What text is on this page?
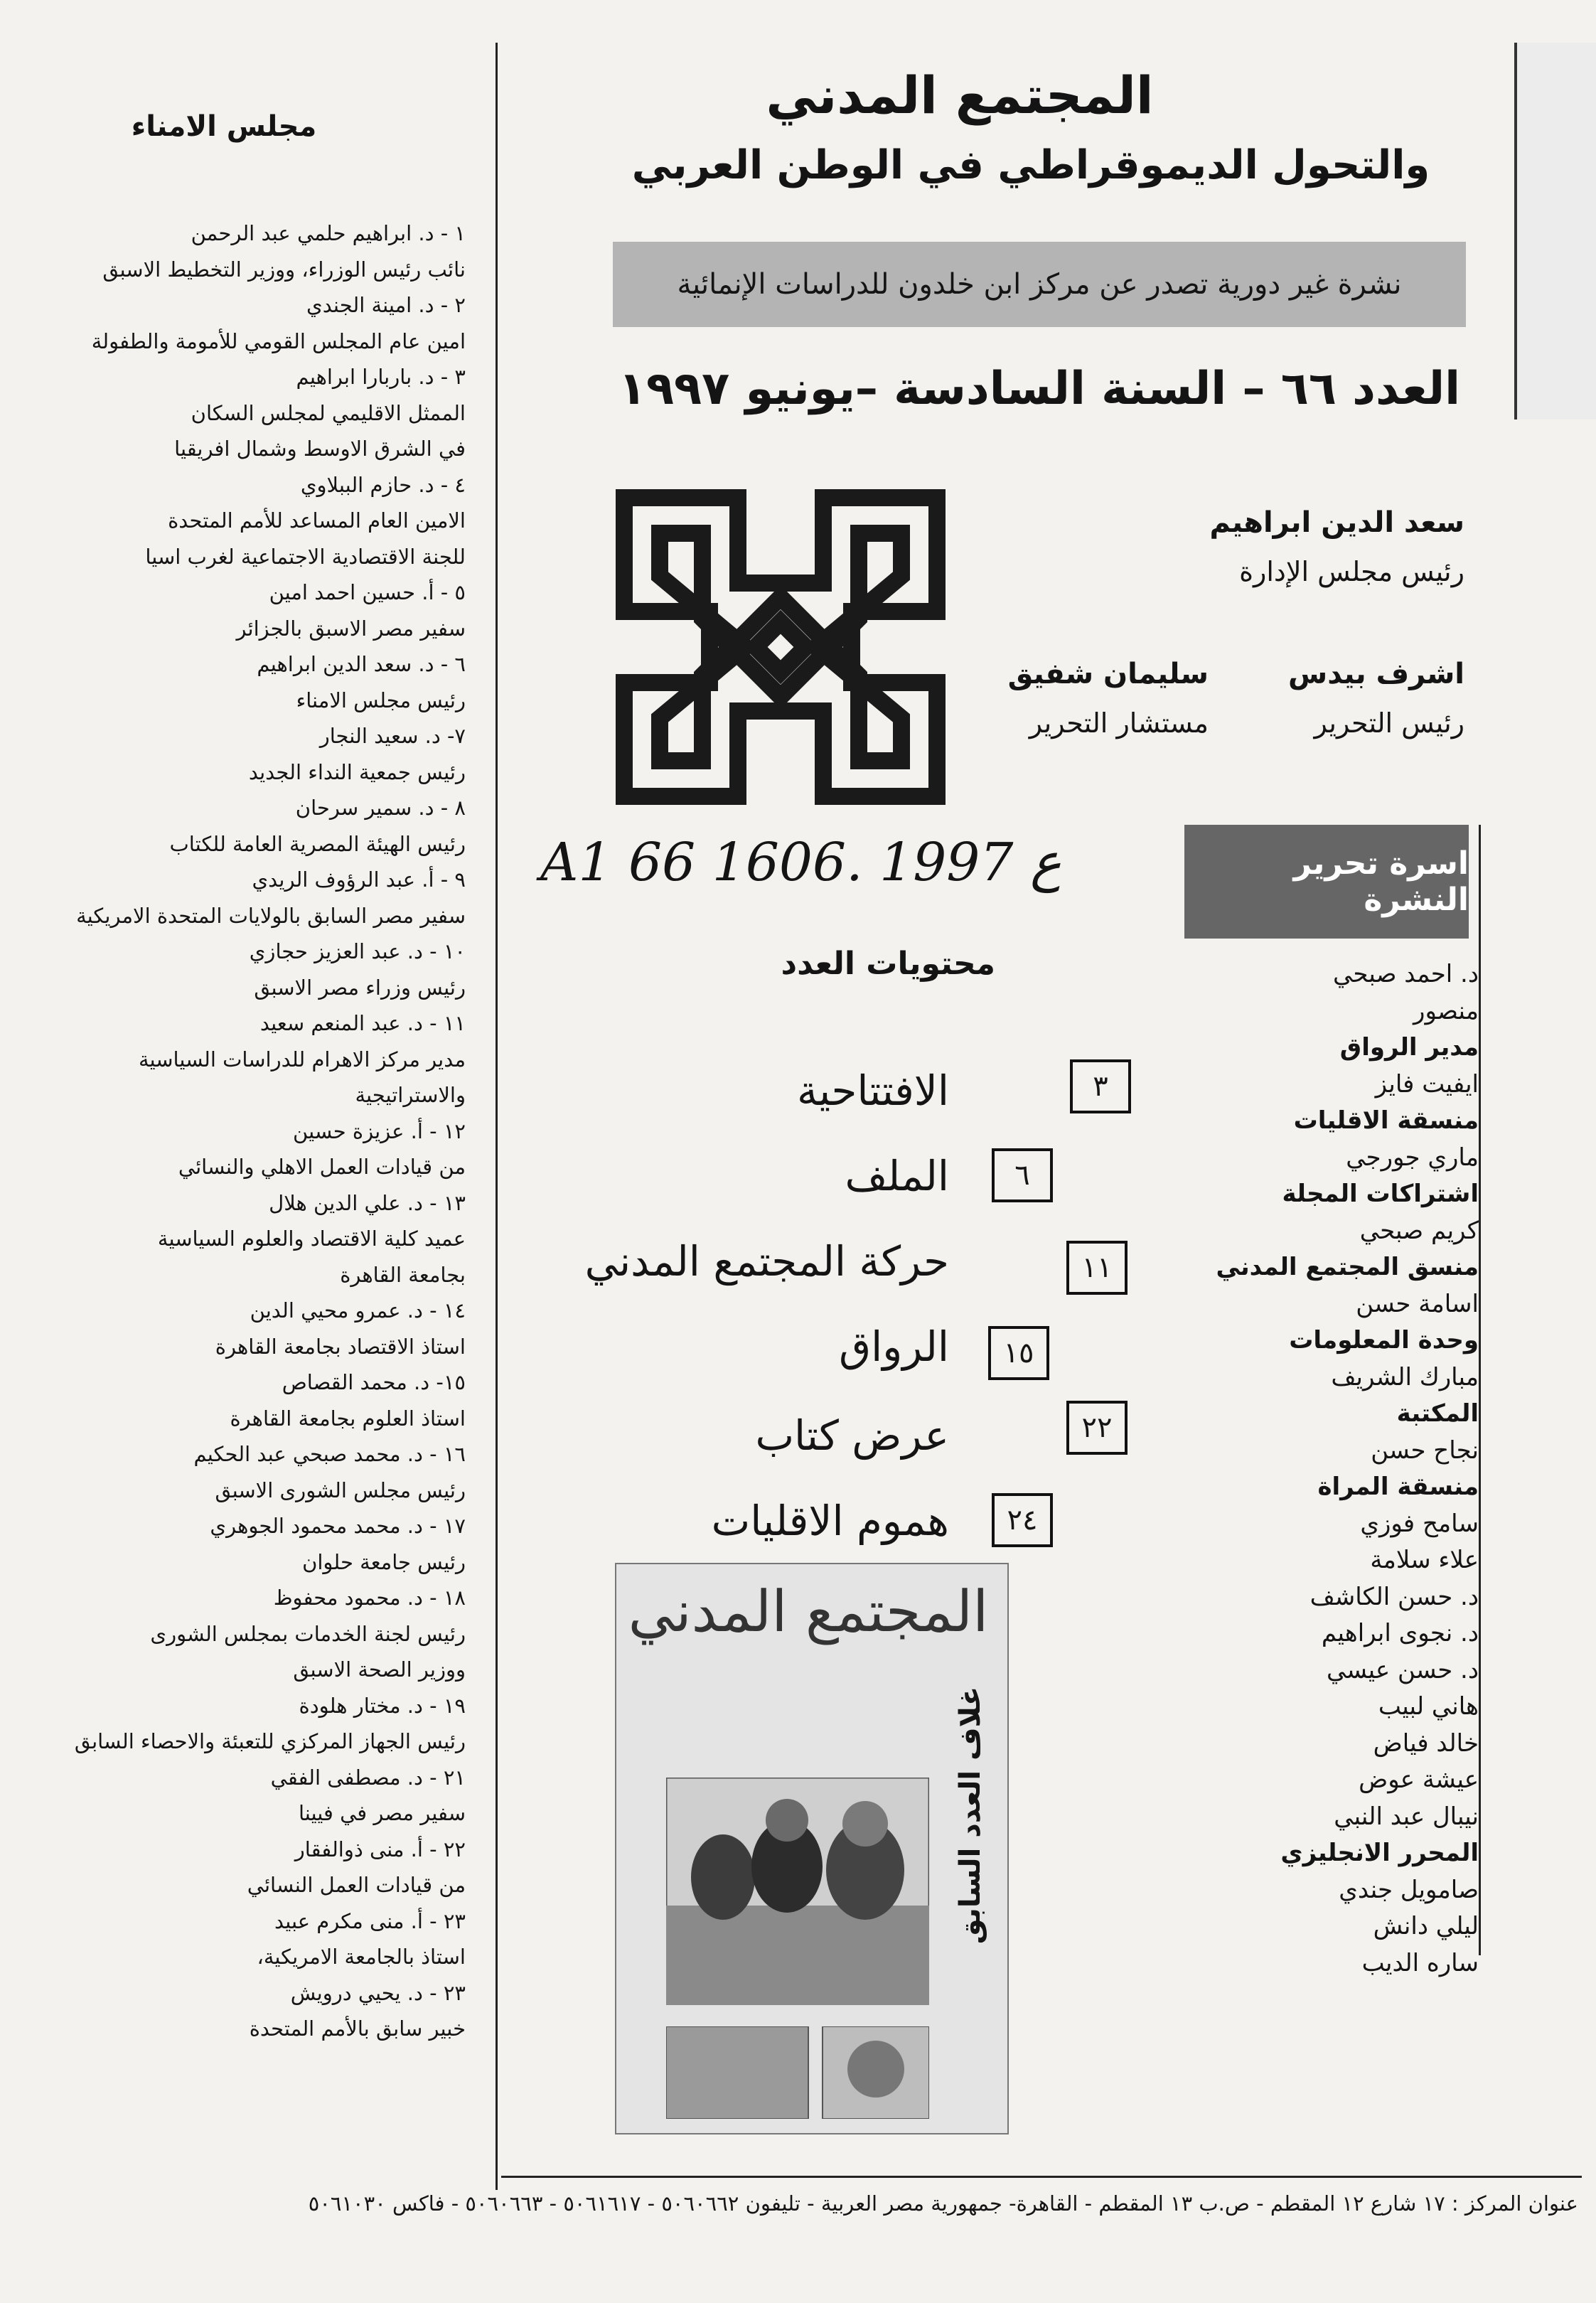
المجتمع المدني
والتحول الديموقراطي في الوطن العربي
نشرة غير دورية تصدر عن مركز ابن خلدون للدراسات الإنمائية
العدد ٦٦ – السنة السادسة –يونيو ١٩٩٧
سعد الدين ابراهيم
رئيس مجلس الإدارة
اشرف بيدس
رئيس التحرير
سليمان شفيق
مستشار التحرير
A1 66 ع 1997 .1606
محتويات العدد
الافتتاحية	٣
الملف	٦
حركة المجتمع المدني	١١
الرواق	١٥
عرض كتاب	٢٢
هموم الاقليات	٢٤
المجتمع المدني
غلاف العدد السابق
اسرة تحرير النشرة
د. احمد صبحي
منصور
مدير الرواق
ايفيت فايز
منسقة الاقليات
ماري جورجي
اشتراكات المجلة
كريم صبحي
منسق المجتمع المدني
اسامة حسن
وحدة المعلومات
مبارك الشريف
المكتبة
نجاح حسن
منسقة المراة
سامح فوزي
علاء سلامة
د. حسن الكاشف
د. نجوى ابراهيم
د. حسن عيسي
هاني لبيب
خالد فياض
عيشة عوض
نيبال عبد النبي
المحرر الانجليزي
صامويل جندي
ليلي دانش
ساره الديب
مجلس الامناء
١ - د. ابراهيم حلمي عبد الرحمن
نائب رئيس الوزراء، ووزير التخطيط الاسبق
٢ - د. امينة الجندي
امين عام المجلس القومي للأمومة والطفولة
٣ - د. باربارا ابراهيم
الممثل الاقليمي لمجلس السكان
في الشرق الاوسط وشمال افريقيا
٤ - د. حازم الببلاوي
الامين العام المساعد للأمم المتحدة
للجنة الاقتصادية الاجتماعية لغرب اسيا
٥ - أ. حسين احمد امين
سفير مصر الاسبق بالجزائر
٦ - د. سعد الدين ابراهيم
رئيس مجلس الامناء
٧- د. سعيد النجار
رئيس جمعية النداء الجديد
٨ - د. سمير سرحان
رئيس الهيئة المصرية العامة للكتاب
٩ - أ. عبد الرؤوف الريدي
سفير مصر السابق بالولايات المتحدة الامريكية
١٠ - د. عبد العزيز حجازي
رئيس وزراء مصر الاسبق
١١ - د. عبد المنعم سعيد
مدير مركز الاهرام للدراسات السياسية
والاستراتيجية
١٢ - أ. عزيزة حسين
من قيادات العمل الاهلي والنسائي
١٣ - د. علي الدين هلال
عميد كلية الاقتصاد والعلوم السياسية
بجامعة القاهرة
١٤ - د. عمرو محيي الدين
استاذ الاقتصاد بجامعة القاهرة
١٥- د. محمد القصاص
استاذ العلوم بجامعة القاهرة
١٦ - د. محمد صبحي عبد الحكيم
رئيس مجلس الشورى الاسبق
١٧ - د. محمد محمود الجوهري
رئيس جامعة حلوان
١٨ - د. محمود محفوظ
رئيس لجنة الخدمات بمجلس الشورى
ووزير الصحة الاسبق
١٩ - د. مختار هلودة
رئيس الجهاز المركزي للتعبئة والاحصاء السابق
٢١ - د. مصطفى الفقي
سفير مصر في فيينا
٢٢ - أ. منى ذوالفقار
من قيادات العمل النسائي
٢٣ - أ. منى مكرم عبيد
استاذ بالجامعة الامريكية،
٢٣ - د. يحيي درويش
خبير سابق بالأمم المتحدة
عنوان المركز : ١٧ شارع ١٢ المقطم - ص.ب ١٣ المقطم - القاهرة- جمهورية مصر العربية - تليفون ٥٠٦٠٦٦٢ - ٥٠٦١٦١٧ - ٥٠٦٠٦٦٣ - فاكس ٥٠٦١٠٣٠
